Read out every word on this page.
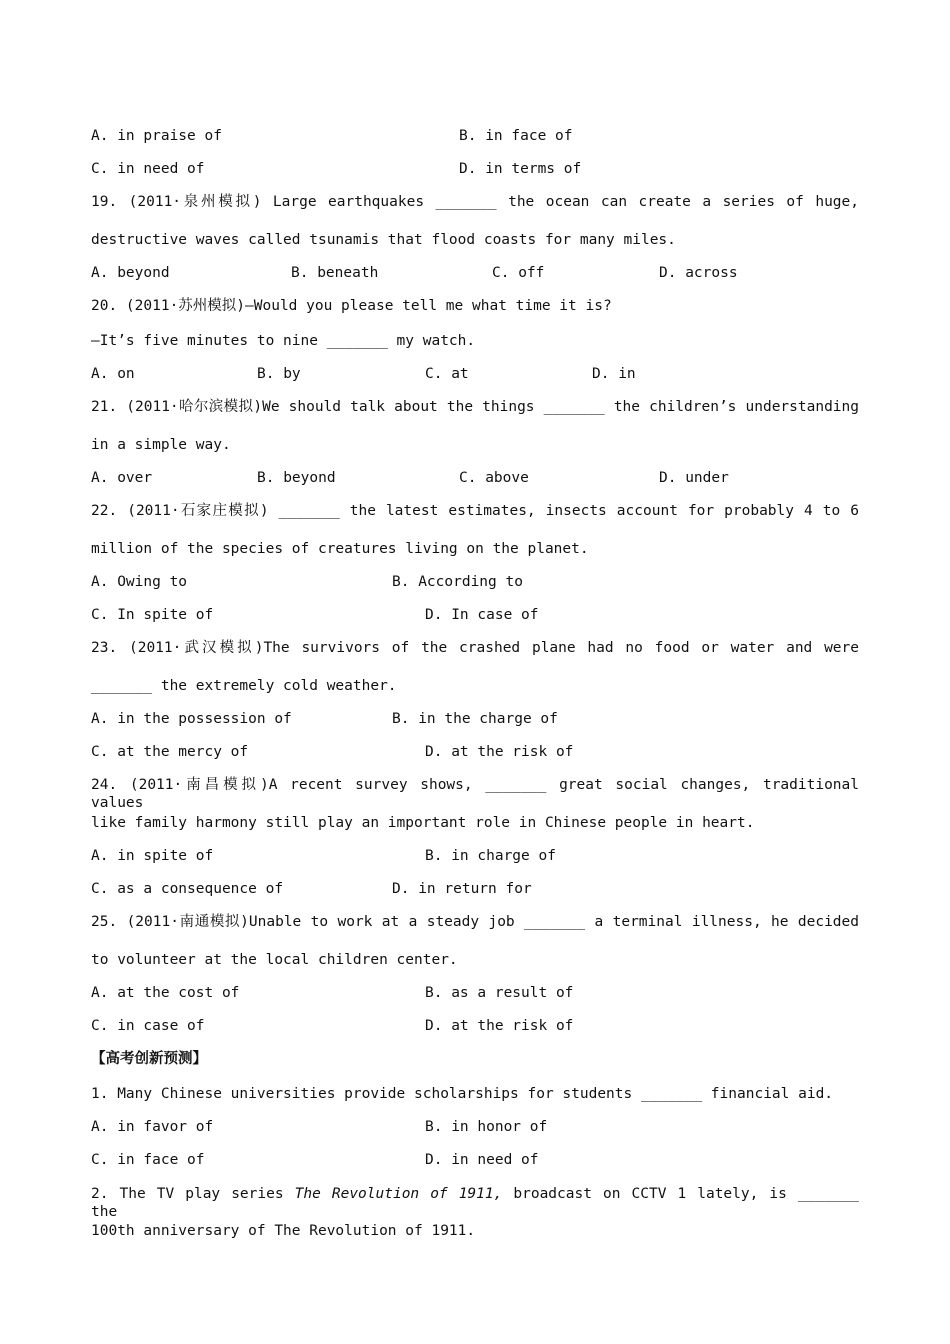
A. in praise of	B. in face of
C. in need of	D. in terms of
19. (2011·泉州模拟) Large earthquakes _______ the ocean can create a series of huge,
destructive waves called tsunamis that flood coasts for many miles.
A. beyond	B. beneath	C. off	D. across
20. (2011·苏州模拟)—Would you please tell me what time it is?
—It’s five minutes to nine _______ my watch.
A. on	B. by	C. at	D. in
21. (2011·哈尔滨模拟)We should talk about the things _______ the children’s understanding
in a simple way.
A. over	B. beyond	C. above	D. under
22. (2011·石家庄模拟) _______ the latest estimates, insects account for probably 4 to 6
million of the species of creatures living on the planet.
A. Owing to	B. According to
C. In spite of	D. In case of
23. (2011·武汉模拟)The survivors of the crashed plane had no food or water and were
_______ the extremely cold weather.
A. in the possession of	B. in the charge of
C. at the mercy of	D. at the risk of
24. (2011·南昌模拟)A recent survey shows, _______ great social changes, traditional values
like family harmony still play an important role in Chinese people in heart.
A. in spite of	B. in charge of
C. as a consequence of	D. in return for
25. (2011·南通模拟)Unable to work at a steady job _______ a terminal illness, he decided
to volunteer at the local children center.
A. at the cost of	B. as a result of
C. in case of	D. at the risk of
【高考创新预测】
1. Many Chinese universities provide scholarships for students _______ financial aid.
A. in favor of	B. in honor of
C. in face of	D. in need of
2. The TV play series The Revolution of 1911, broadcast on CCTV 1 lately, is _______ the
100th anniversary of The Revolution of 1911.
